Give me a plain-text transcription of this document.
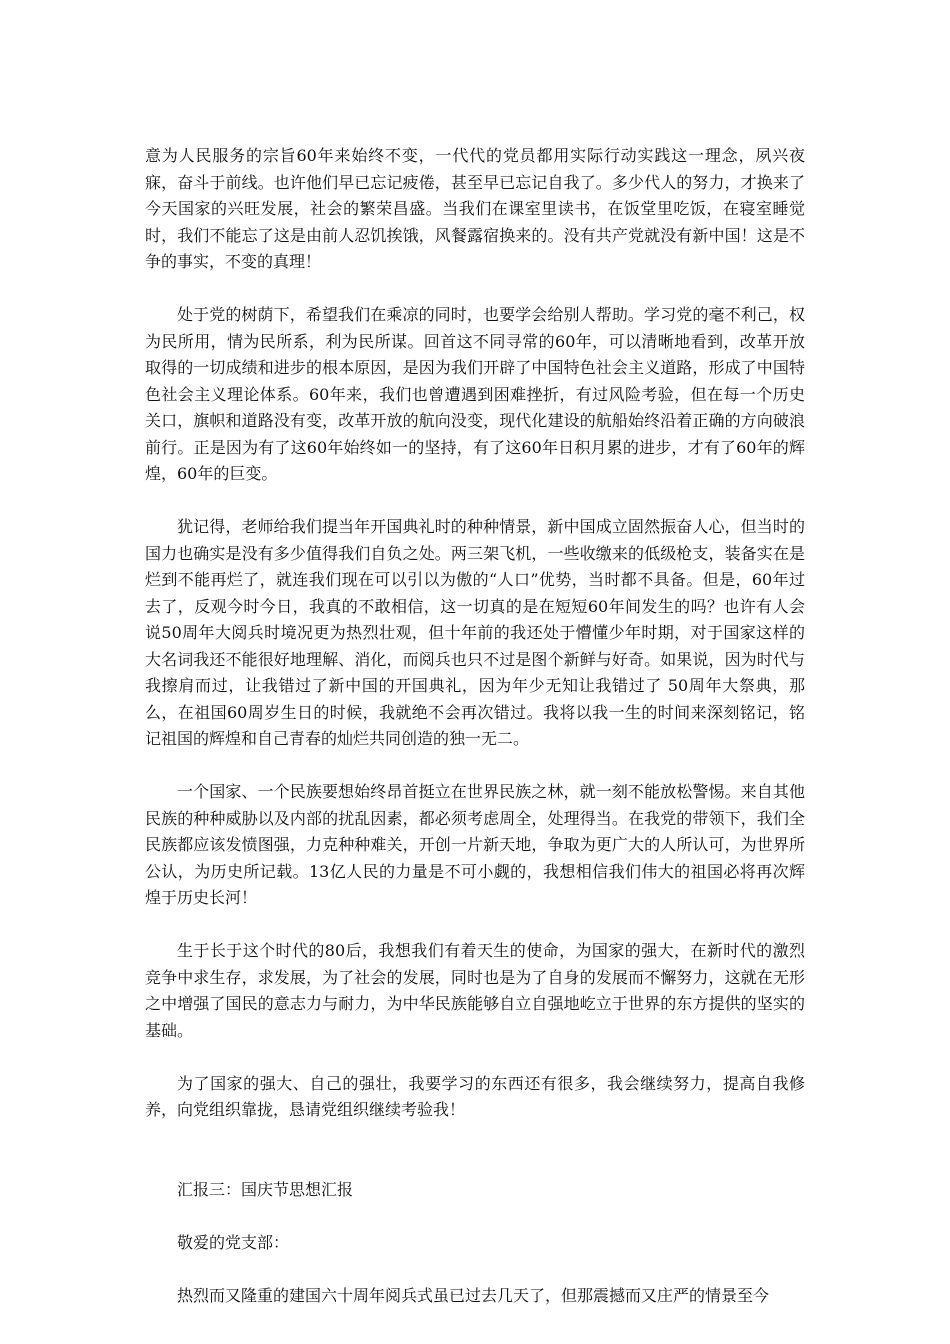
意为人民服务的宗旨60年来始终不变，一代代的党员都用实际行动实践这一理念，夙兴夜寐，奋斗于前线。也许他们早已忘记疲倦，甚至早已忘记自我了。多少代人的努力，才换来了今天国家的兴旺发展，社会的繁荣昌盛。当我们在课室里读书，在饭堂里吃饭，在寝室睡觉时，我们不能忘了这是由前人忍饥挨饿，风餐露宿换来的。没有共产党就没有新中国！这是不争的事实，不变的真理！

处于党的树荫下，希望我们在乘凉的同时，也要学会给别人帮助。学习党的毫不利己，权为民所用，情为民所系，利为民所谋。回首这不同寻常的60年，可以清晰地看到，改革开放取得的一切成绩和进步的根本原因，是因为我们开辟了中国特色社会主义道路，形成了中国特色社会主义理论体系。60年来，我们也曾遭遇到困难挫折，有过风险考验，但在每一个历史关口，旗帜和道路没有变，改革开放的航向没变，现代化建设的航船始终沿着正确的方向破浪前行。正是因为有了这60年始终如一的坚持，有了这60年日积月累的进步，才有了60年的辉煌，60年的巨变。

犹记得，老师给我们提当年开国典礼时的种种情景，新中国成立固然振奋人心，但当时的国力也确实是没有多少值得我们自负之处。两三架飞机，一些收缴来的低级枪支，装备实在是烂到不能再烂了，就连我们现在可以引以为傲的“人口”优势，当时都不具备。但是，60年过去了，反观今时今日，我真的不敢相信，这一切真的是在短短60年间发生的吗？也许有人会说50周年大阅兵时境况更为热烈壮观，但十年前的我还处于懵懂少年时期，对于国家这样的大名词我还不能很好地理解、消化，而阅兵也只不过是图个新鲜与好奇。如果说，因为时代与我擦肩而过，让我错过了新中国的开国典礼，因为年少无知让我错过了 50周年大祭典，那么，在祖国60周岁生日的时候，我就绝不会再次错过。我将以我一生的时间来深刻铭记，铭记祖国的辉煌和自己青春的灿烂共同创造的独一无二。

一个国家、一个民族要想始终昂首挺立在世界民族之林，就一刻不能放松警惕。来自其他民族的种种威胁以及内部的扰乱因素，都必须考虑周全，处理得当。在我党的带领下，我们全民族都应该发愤图强，力克种种难关，开创一片新天地，争取为更广大的人所认可，为世界所公认，为历史所记载。13亿人民的力量是不可小觑的，我想相信我们伟大的祖国必将再次辉煌于历史长河！

生于长于这个时代的80后，我想我们有着天生的使命，为国家的强大，在新时代的激烈竞争中求生存，求发展，为了社会的发展，同时也是为了自身的发展而不懈努力，这就在无形之中增强了国民的意志力与耐力，为中华民族能够自立自强地屹立于世界的东方提供的坚实的基础。

为了国家的强大、自己的强壮，我要学习的东西还有很多，我会继续努力，提高自我修养，向党组织靠拢，恳请党组织继续考验我！

汇报三：国庆节思想汇报

敬爱的党支部：

热烈而又隆重的建国六十周年阅兵式虽已过去几天了，但那震撼而又庄严的情景至今
